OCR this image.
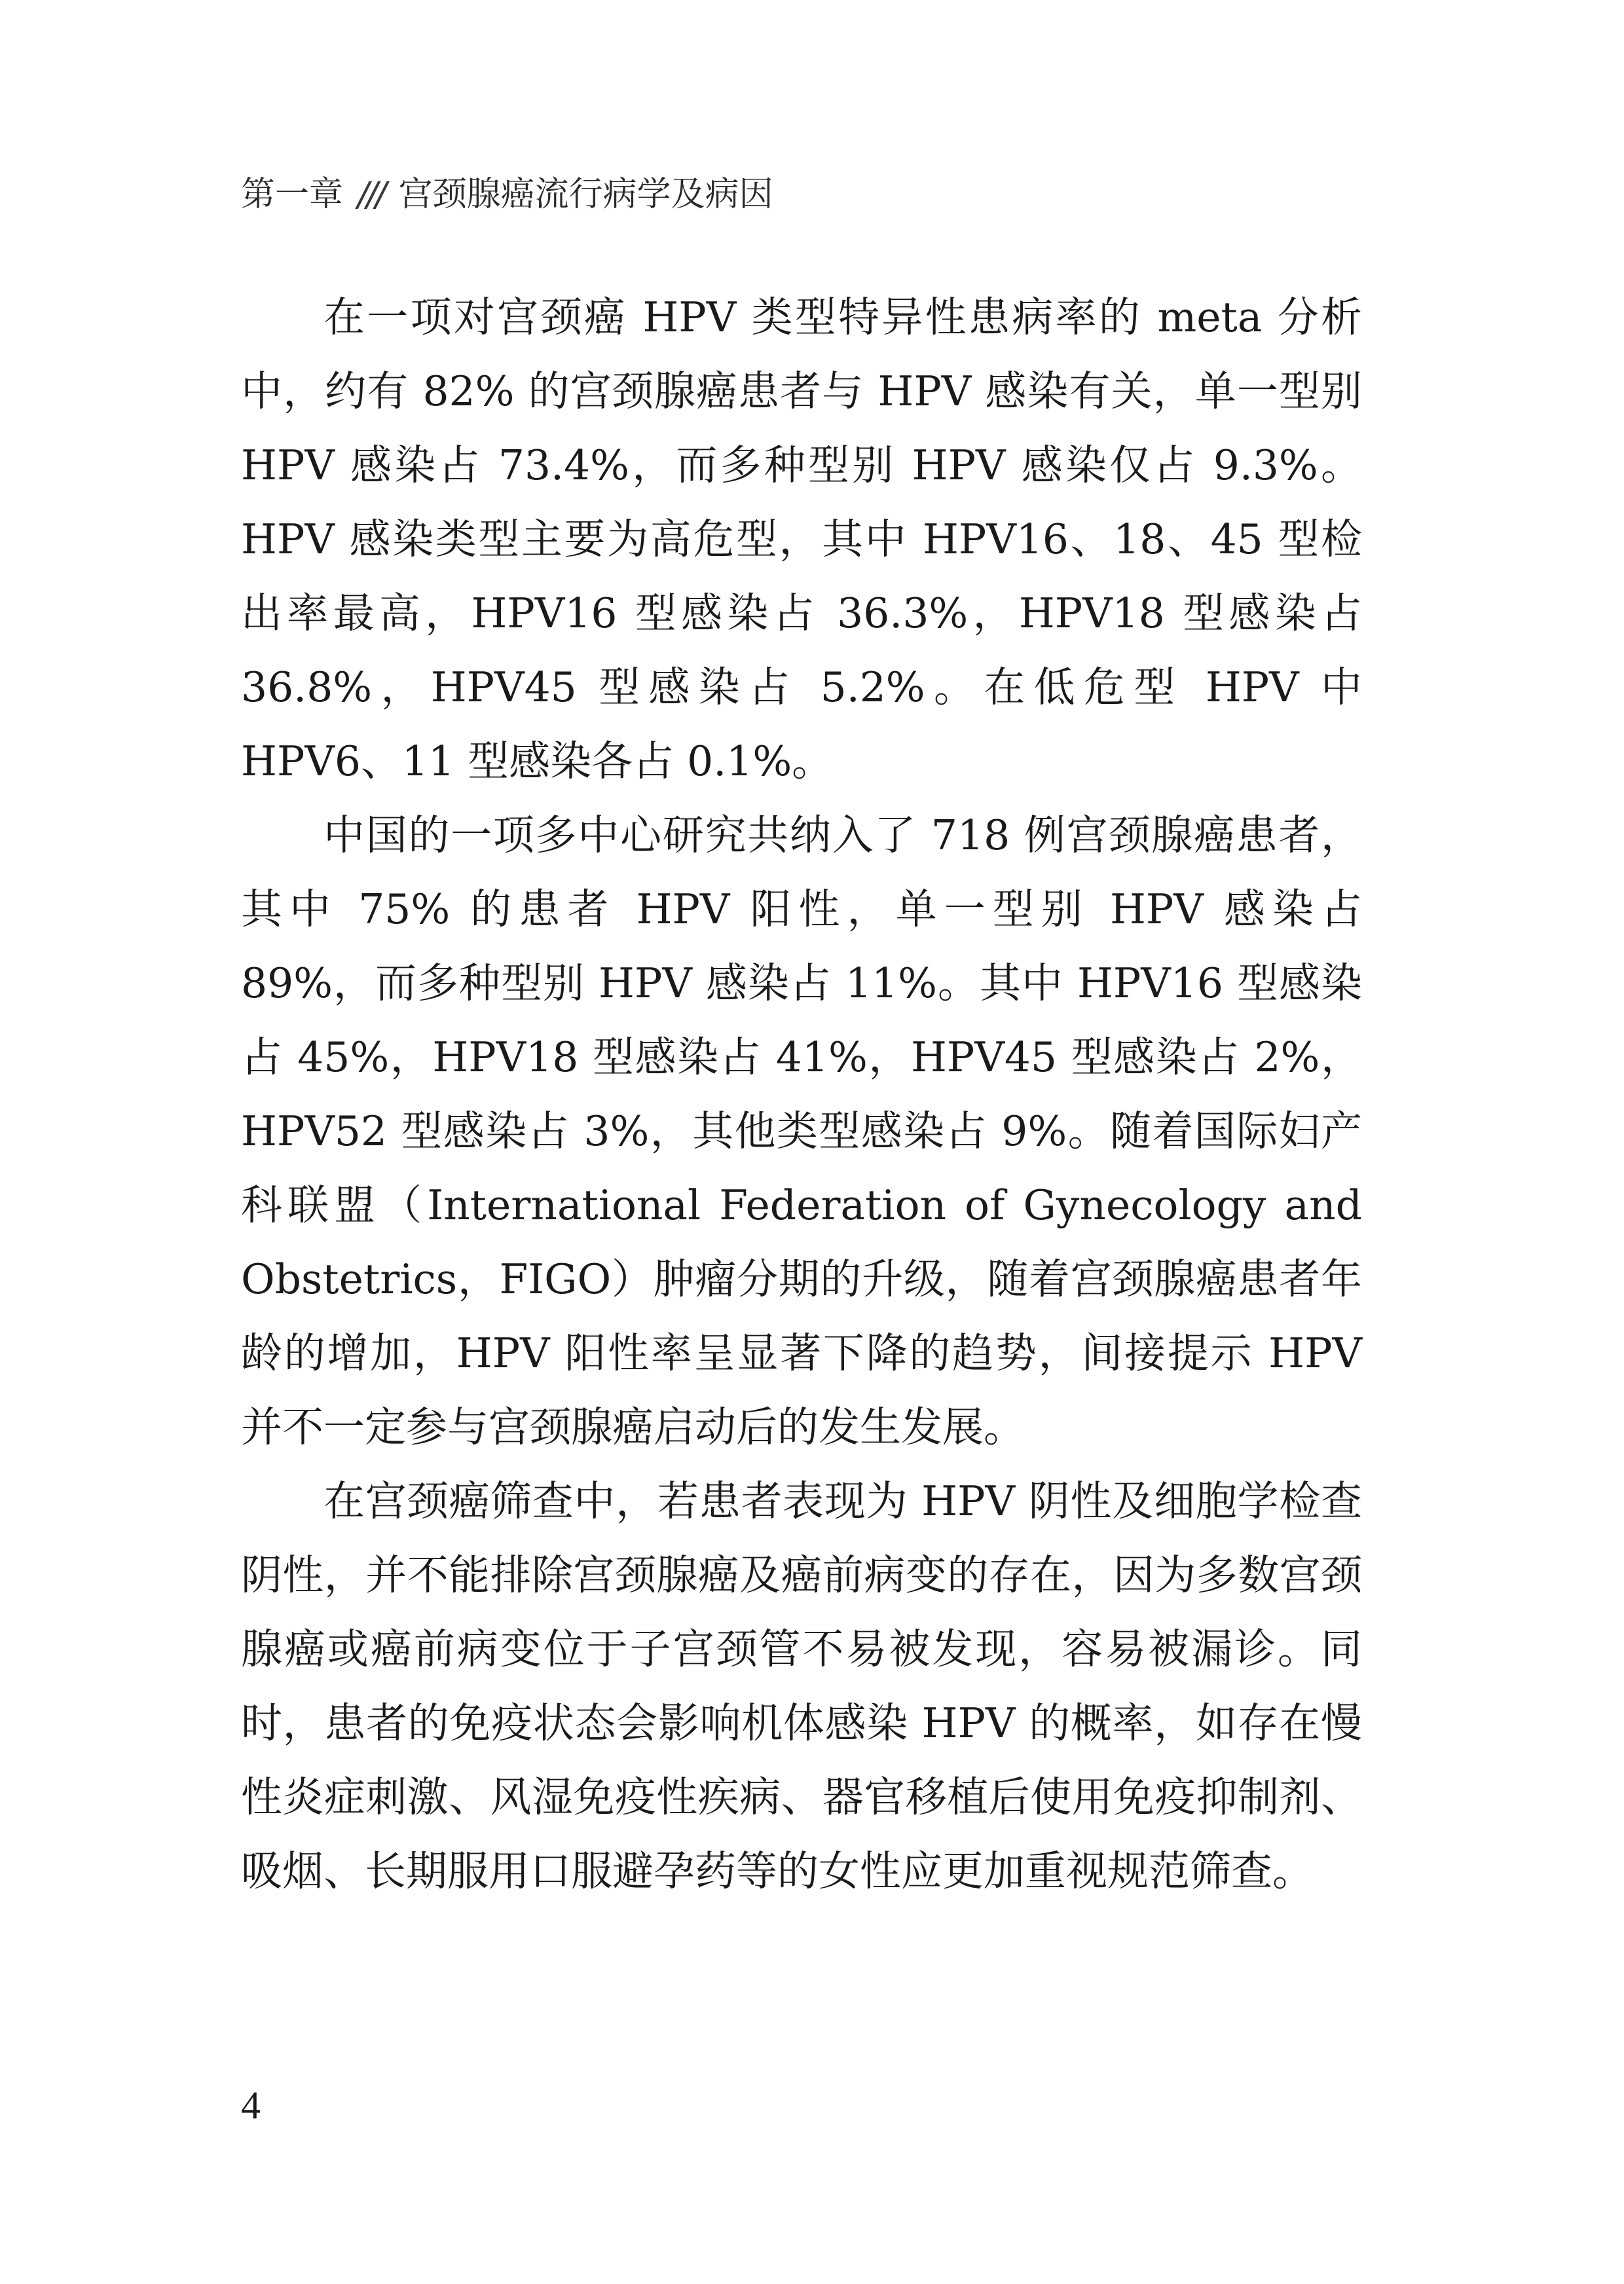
第一章 /// 宫颈腺癌流行病学及病因

在一项对宫颈癌 HPV 类型特异性患病率的 meta 分析中，约有 82% 的宫颈腺癌患者与 HPV 感染有关，单一型别 HPV 感染占 73.4%，而多种型别 HPV 感染仅占 9.3%。HPV 感染类型主要为高危型，其中 HPV16、18、45 型检出率最高，HPV16 型感染占 36.3%，HPV18 型感染占 36.8%，HPV45 型感染占 5.2%。在低危型 HPV 中 HPV6、11 型感染各占 0.1%。

中国的一项多中心研究共纳入了 718 例宫颈腺癌患者，其中 75% 的患者 HPV 阳性，单一型别 HPV 感染占 89%，而多种型别 HPV 感染占 11%。其中 HPV16 型感染占 45%，HPV18 型感染占 41%，HPV45 型感染占 2%，HPV52 型感染占 3%，其他类型感染占 9%。随着国际妇产科联盟（International Federation of Gynecology and Obstetrics，FIGO）肿瘤分期的升级，随着宫颈腺癌患者年龄的增加，HPV 阳性率呈显著下降的趋势，间接提示 HPV 并不一定参与宫颈腺癌启动后的发生发展。

在宫颈癌筛查中，若患者表现为 HPV 阴性及细胞学检查阴性，并不能排除宫颈腺癌及癌前病变的存在，因为多数宫颈腺癌或癌前病变位于子宫颈管不易被发现，容易被漏诊。同时，患者的免疫状态会影响机体感染 HPV 的概率，如存在慢性炎症刺激、风湿免疫性疾病、器官移植后使用免疫抑制剂、吸烟、长期服用口服避孕药等的女性应更加重视规范筛查。

4
